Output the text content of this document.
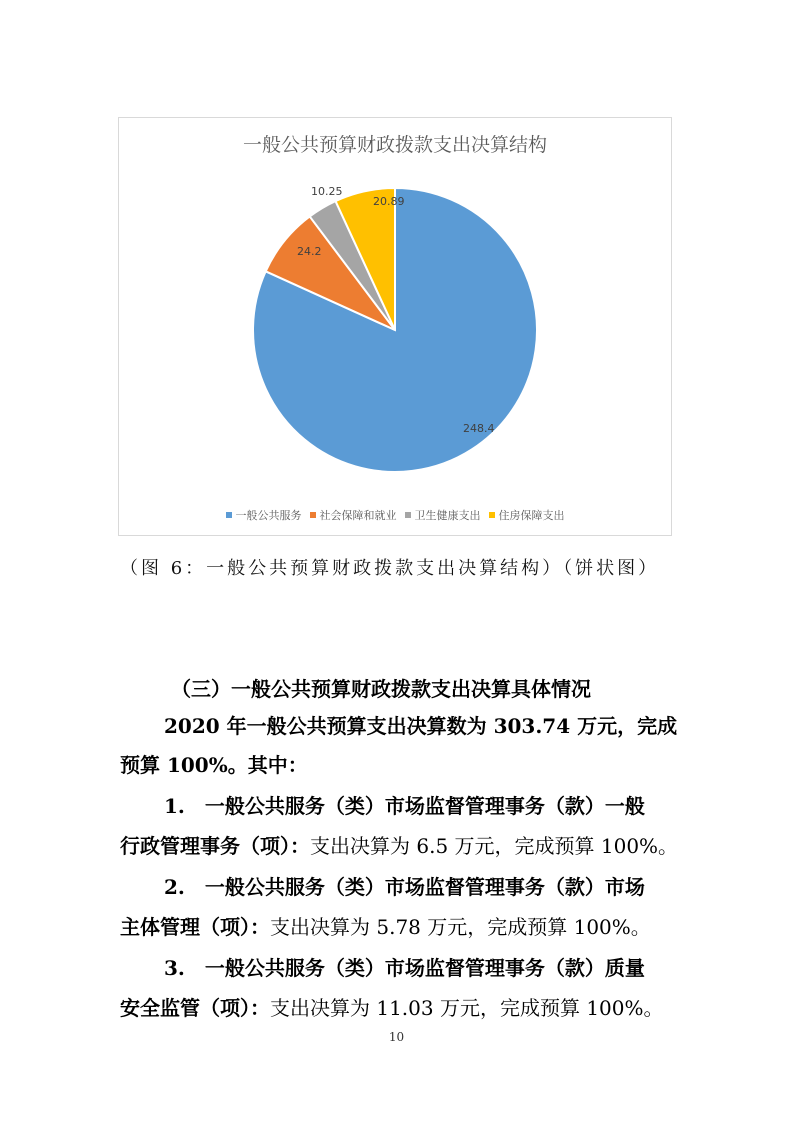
一般公共预算财政拨款支出决算结构
248.4
24.2
10.25
20.89
一般公共服务 社会保障和就业 卫生健康支出 住房保障支出
（图 6：一般公共预算财政拨款支出决算结构）（饼状图）
（三）一般公共预算财政拨款支出决算具体情况
2020 年一般公共预算支出决算数为 303.74 万元，完成
预算 100%。其中：
1.　一般公共服务（类）市场监督管理事务（款）一般
行政管理事务（项）：支出决算为 6.5 万元，完成预算 100%。
2.　一般公共服务（类）市场监督管理事务（款）市场
主体管理（项）：支出决算为 5.78 万元，完成预算 100%。
3.　一般公共服务（类）市场监督管理事务（款）质量
安全监管（项）：支出决算为 11.03 万元，完成预算 100%。
10
